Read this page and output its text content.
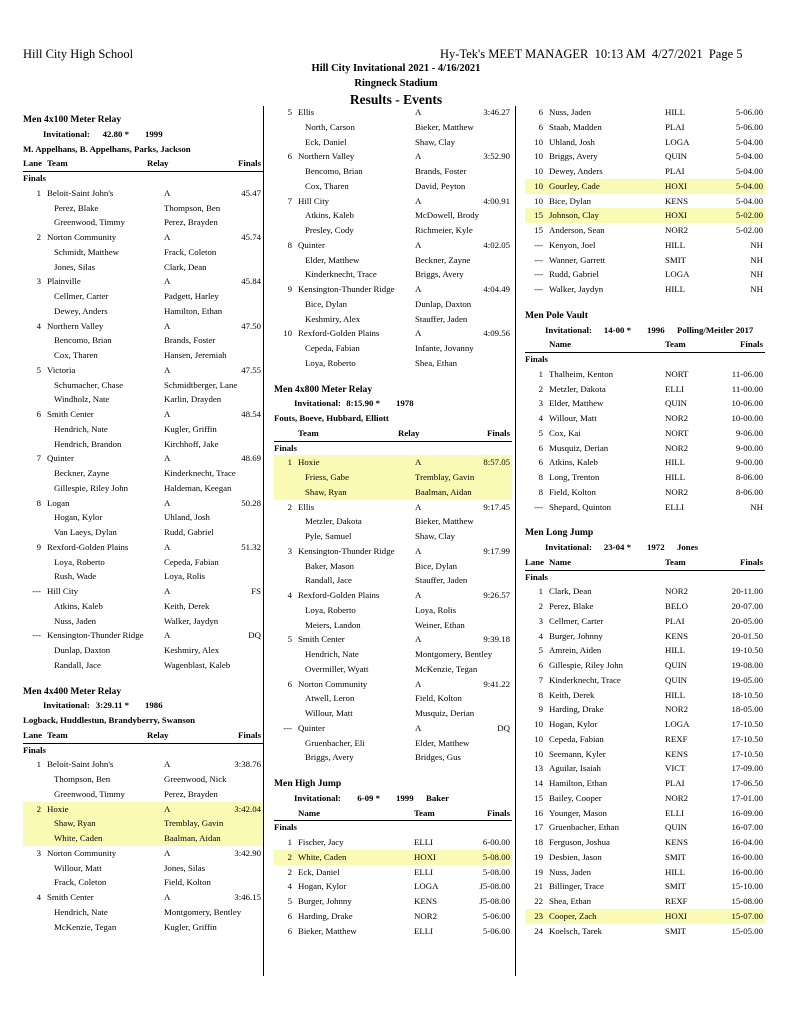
Hill City High School	Hy-Tek's MEET MANAGER  10:13 AM  4/27/2021  Page 5
Hill City Invitational 2021 - 4/16/2021
Ringneck Stadium
Results - Events
Men 4x100 Meter Relay
Invitational:	42.80 * 1999
M. Appelhans, B. Appelhans, Parks, Jackson
Lane Team	Relay	Finals
Finals
1 Beloit-Saint John's	A	45.47
Perez, Blake	Thompson, Ben
Greenwood, Timmy	Perez, Brayden
2 Norton Community	A	45.74
Schmidt, Matthew	Frack, Coleton
Jones, Silas	Clark, Dean
3 Plainville	A	45.84
Cellmer, Carter	Padgett, Harley
Dewey, Anders	Hamilton, Ethan
4 Northern Valley	A	47.50
Bencomo, Brian	Brands, Foster
Cox, Tharen	Hansen, Jeremiah
5 Victoria	A	47.55
Schumacher, Chase	Schmidtberger, Lane
Windholz, Nate	Karlin, Drayden
6 Smith Center	A	48.54
Hendrich, Nate	Kugler, Griffin
Hendrich, Brandon	Kirchhoff, Jake
7 Quinter	A	48.69
Beckner, Zayne	Kinderknecht, Trace
Gillespie, Riley John	Haldeman, Keegan
8 Logan	A	50.28
Hogan, Kylor	Uhland, Josh
Van Laeys, Dylan	Rudd, Gabriel
9 Rexford-Golden Plains	A	51.32
Loya, Roberto	Cepeda, Fabian
Rush, Wade	Loya, Rolis
--- Hill City	A	FS
Atkins, Kaleb	Keith, Derek
Nuss, Jaden	Walker, Jaydyn
--- Kensington-Thunder Ridge	A	DQ
Dunlap, Daxton	Keshmiry, Alex
Randall, Jace	Wagenblast, Kaleb
Men 4x400 Meter Relay
Invitational: 3:29.11 * 1986
Logback, Huddlestun, Brandyberry, Swanson
Lane Team	Relay	Finals
Finals
1 Beloit-Saint John's	A	3:38.76
Thompson, Ben	Greenwood, Nick
Greenwood, Timmy	Perez, Brayden
2 Hoxie	A	3:42.04
Shaw, Ryan	Tremblay, Gavin
White, Caden	Baalman, Aidan
3 Norton Community	A	3:42.90
Willour, Matt	Jones, Silas
Frack, Coleton	Field, Kolton
4 Smith Center	A	3:46.15
Hendrich, Nate	Montgomery, Bentley
McKenzie, Tegan	Kugler, Griffin
5 Ellis	A	3:46.27
North, Carson	Bieker, Matthew
Eck, Daniel	Shaw, Clay
6 Northern Valley	A	3:52.90
Bencomo, Brian	Brands, Foster
Cox, Tharen	David, Peyton
7 Hill City	A	4:00.91
Atkins, Kaleb	McDowell, Brody
Presley, Cody	Richmeier, Kyle
8 Quinter	A	4:02.05
Elder, Matthew	Beckner, Zayne
Kinderknecht, Trace	Briggs, Avery
9 Kensington-Thunder Ridge	A	4:04.49
Bice, Dylan	Dunlap, Daxton
Keshmiry, Alex	Stauffer, Jaden
10 Rexford-Golden Plains	A	4:09.56
Cepeda, Fabian	Infante, Jovanny
Loya, Roberto	Shea, Ethan
Men 4x800 Meter Relay
Invitational: 8:15.90 * 1978
Fouts, Boeve, Hubbard, Elliott
Team	Relay	Finals
Finals
1 Hoxie	A	8:57.05
Friess, Gabe	Tremblay, Gavin
Shaw, Ryan	Baalman, Aidan
2 Ellis	A	9:17.45
Metzler, Dakota	Bieker, Matthew
Pyle, Samuel	Shaw, Clay
3 Kensington-Thunder Ridge	A	9:17.99
Baker, Mason	Bice, Dylan
Randall, Jace	Stauffer, Jaden
4 Rexford-Golden Plains	A	9:26.57
Loya, Roberto	Loya, Rolis
Meiers, Landon	Weiner, Ethan
5 Smith Center	A	9:39.18
Hendrich, Nate	Montgomery, Bentley
Overmiller, Wyatt	McKenzie, Tegan
6 Norton Community	A	9:41.22
Atwell, Leron	Field, Kolton
Willour, Matt	Musquiz, Derian
--- Quinter	A	DQ
Gruenbacher, Eli	Elder, Matthew
Briggs, Avery	Bridges, Gus
Men High Jump
Invitational:	6-09 * 1999	Baker
Name	Team	Finals
Finals
1 Fischer, Jacy	ELLI	6-00.00
2 White, Caden	HOXI	5-08.00
2 Eck, Daniel	ELLI	5-08.00
4 Hogan, Kylor	LOGA	J5-08.00
5 Burger, Johnny	KENS	J5-08.00
6 Harding, Drake	NOR2	5-06.00
6 Bieker, Matthew	ELLI	5-06.00
6 Nuss, Jaden	HILL	5-06.00
6 Staab, Madden	PLAI	5-06.00
10 Uhland, Josh	LOGA	5-04.00
10 Briggs, Avery	QUIN	5-04.00
10 Dewey, Anders	PLAI	5-04.00
10 Gourley, Cade	HOXI	5-04.00
10 Bice, Dylan	KENS	5-04.00
15 Johnson, Clay	HOXI	5-02.00
15 Anderson, Sean	NOR2	5-02.00
--- Kenyon, Joel	HILL	NH
--- Wanner, Garrett	SMIT	NH
--- Rudd, Gabriel	LOGA	NH
--- Walker, Jaydyn	HILL	NH
Men Pole Vault
Invitational:	14-00 * 1996	Polling/Meitler 2017
Name	Team	Finals
Finals
1 Thalheim, Kenton	NORT	11-06.00
2 Metzler, Dakota	ELLI	11-00.00
3 Elder, Matthew	QUIN	10-06.00
4 Willour, Matt	NOR2	10-00.00
5 Cox, Kai	NORT	9-06.00
6 Musquiz, Derian	NOR2	9-00.00
6 Atkins, Kaleb	HILL	9-00.00
8 Long, Trenton	HILL	8-06.00
8 Field, Kolton	NOR2	8-06.00
--- Shepard, Quinton	ELLI	NH
Men Long Jump
Invitational:	23-04 * 1972	Jones
Lane Name	Team	Finals
Finals
1 Clark, Dean	NOR2	20-11.00
2 Perez, Blake	BELO	20-07.00
3 Cellmer, Carter	PLAI	20-05.00
4 Burger, Johnny	KENS	20-01.50
5 Amrein, Aiden	HILL	19-10.50
6 Gillespie, Riley John	QUIN	19-08.00
7 Kinderknecht, Trace	QUIN	19-05.00
8 Keith, Derek	HILL	18-10.50
9 Harding, Drake	NOR2	18-05.00
10 Hogan, Kylor	LOGA	17-10.50
10 Cepeda, Fabian	REXF	17-10.50
10 Seemann, Kyler	KENS	17-10.50
13 Aguilar, Isaiah	VICT	17-09.00
14 Hamilton, Ethan	PLAI	17-06.50
15 Bailey, Cooper	NOR2	17-01.00
16 Younger, Mason	ELLI	16-09.00
17 Gruenbacher, Ethan	QUIN	16-07.00
18 Ferguson, Joshua	KENS	16-04.00
19 Desbien, Jason	SMIT	16-00.00
19 Nuss, Jaden	HILL	16-00.00
21 Billinger, Trace	SMIT	15-10.00
22 Shea, Ethan	REXF	15-08.00
23 Cooper, Zach	HOXI	15-07.00
24 Koelsch, Tarek	SMIT	15-05.00
